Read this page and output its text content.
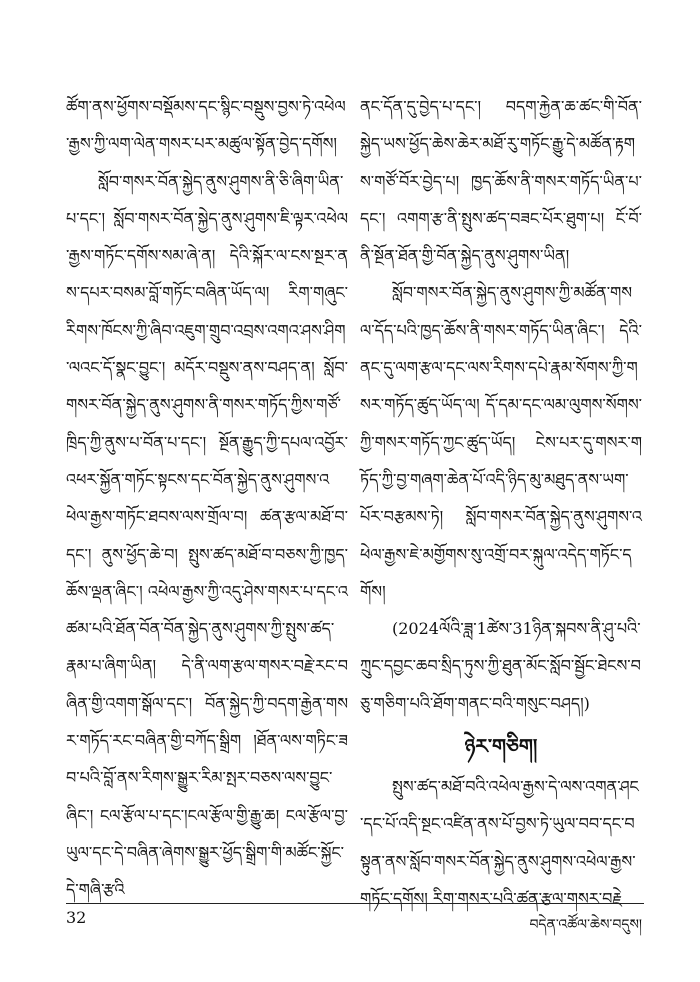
ཚོག་ནས་ཕྱོགས་བསྡོམས་དང་སྙིང་བསྡུས་བྱས་ཏེ་འཕེལ་རྒྱས་ཀྱི་ལག་ལེན་གསར་པར་མཚུལ་སྟོན་བྱེད་དགོས།

སློབ་གསར་བོན་སྐྱེད་ནུས་ཤུགས་ནི་ཅི་ཞིག་ཡིན་པ་དང་། སློབ་གསར་བོན་སྐྱེད་ནུས་ཤུགས་ཇི་ལྟར་འཕེལ་རྒྱས་གཏོང་དགོས་སམ་ཞེ་ན། དེའི་སྐོར་ལ་ངས་སྔར་ནས་དཔར་བསམ་བློ་གཏོང་བཞིན་ཡོད་ལ། རིག་གཞུང་རིགས་ཁོངས་ཀྱི་ཞིབ་འཇུག་གྲུབ་འབྲས་འགའ་ཤས་ཤིག་ལའང་དོ་སྣང་བྱུང་། མདོར་བསྡུས་ནས་བཤད་ན། སློབ་གསར་བོན་སྐྱེད་ནུས་ཤུགས་ནི་གསར་གཏོད་ཀྱིས་གཙོ་ཁྲིད་ཀྱི་ནུས་པ་བོན་པ་དང་། སྔོན་རྒྱུད་ཀྱི་དཔལ་འབྱོར་འཕར་སྐྱོན་གཏོང་སྟངས་དང་བོན་སྐྱེད་ནུས་ཤུགས་འཕེལ་རྒྱས་གཏོང་ཐབས་ལས་གྲོལ་བ། ཚན་རྩལ་མཐོ་བ་དང་། ནུས་ཕྱོད་ཆེ་བ། སྤུས་ཚད་མཐོ་བ་བཅས་ཀྱི་ཁྱད་ཆོས་ལྡན་ཞིང་། འཕེལ་རྒྱས་ཀྱི་འདུ་ཤེས་གསར་པ་དང་འཚམ་པའི་ཐོན་བོན་བོན་སྐྱེད་ནུས་ཤུགས་ཀྱི་སྤུས་ཚད་རྣམ་པ་ཞིག་ཡིན། དེ་ནི་ལག་རྩལ་གསར་བརྗེ་རང་བཞིན་གྱི་འགག་སྒོལ་དང་། བོན་སྐྱེད་ཀྱི་བདག་རྒྱེན་གསར་གཏོད་རང་བཞིན་གྱི་བཀོད་སྒྲིག །ཐོན་ལས་གཏིང་ཟབ་པའི་བློ་ནས་རིགས་སྒྱུར་རིམ་སྤར་བཅས་ལས་བྱུང་ཞིང་། ངལ་རྩོལ་པ་དང་།ངལ་རྩོལ་གྱི་རྒྱུ་ཆ། ངལ་རྩོལ་བྱ་ཡུལ་དང་དེ་བཞིན་ཞེགས་སྒྱུར་ཕྱོད་སྒྲིག་གི་མཚོང་སྐྱོང་དེ་གཞི་རྩའི

ནང་དོན་དུ་བྱེད་པ་དང་། བདག་རྐྱེན་ཆ་ཚང་གི་བོན་སྐྱེད་ཡས་ཕྱོད་ཆེས་ཆེར་མཐོ་རུ་གཏོང་རྒྱུ་དེ་མཚོན་རྟགས་གཙོ་བོར་བྱེད་པ། ཁྱད་ཆོས་ནི་གསར་གཏོད་ཡིན་པ་དང་། འགག་རྩ་ནི་སྤུས་ཚད་བཟང་པོར་ཐུག་པ། ངོ་བོ་ནི་སྔོན་ཐོན་གྱི་བོན་སྐྱེད་ནུས་ཤུགས་ཡིན།

སློབ་གསར་བོན་སྐྱེད་ནུས་ཤུགས་ཀྱི་མཚོན་གསལ་དོད་པའི་ཁྱད་ཆོས་ནི་གསར་གཏོད་ཡིན་ཞིང་། དེའི་ནང་དུ་ལག་རྩལ་དང་ལས་རིགས་དཔེ་རྣམ་སོགས་ཀྱི་གསར་གཏོད་ཚུད་ཡོད་ལ། དོ་དམ་དང་ལམ་ལུགས་སོགས་ཀྱི་གསར་གཏོད་ཀྱང་ཚུད་ཡོད། ངེས་པར་དུ་གསར་གཏོད་ཀྱི་བྱ་གཞག་ཆེན་པོ་འདི་ཉིད་མུ་མཐུད་ནས་ཡག་པོར་བརྩམས་ཏེ། སློབ་གསར་བོན་སྐྱེད་ནུས་ཤུགས་འཕེལ་རྒྱས་ཇེ་མགྱོགས་སུ་འགྲོ་བར་སྐུལ་འདེད་གཏོང་དགོས།

(2024ལོའི་ཟླ་1ཚེས་31ཉིན་སྐབས་ནི་ཤུ་པའི་ཀྲུང་དབྱང་ཆབ་སྲིད་ཏུས་ཀྱི་ཐུན་མོང་སློབ་སྦྱོང་ཐེངས་བཅུ་གཅིག་པའི་ཐོག་གནང་བའི་གསུང་བཤད།)

ཉེར་གཅིག།

སྤུས་ཚད་མཐོ་བའི་འཕེལ་རྒྱས་དེ་ལས་འགན་ཤང་དང་པོ་འདི་སྔང་འཛིན་ནས་པོ་བྱས་ཏེ་ཡུལ་བབ་དང་བསྟུན་ནས་སློབ་གསར་བོན་སྐྱེད་ནུས་ཤུགས་འཕེལ་རྒྱས་གཏོང་དགོས། རིག་གསར་པའི་ཚན་རྩལ་གསར་བརྗེ

32	བདེན་འཚོལ་ཆེས་བདུས།
